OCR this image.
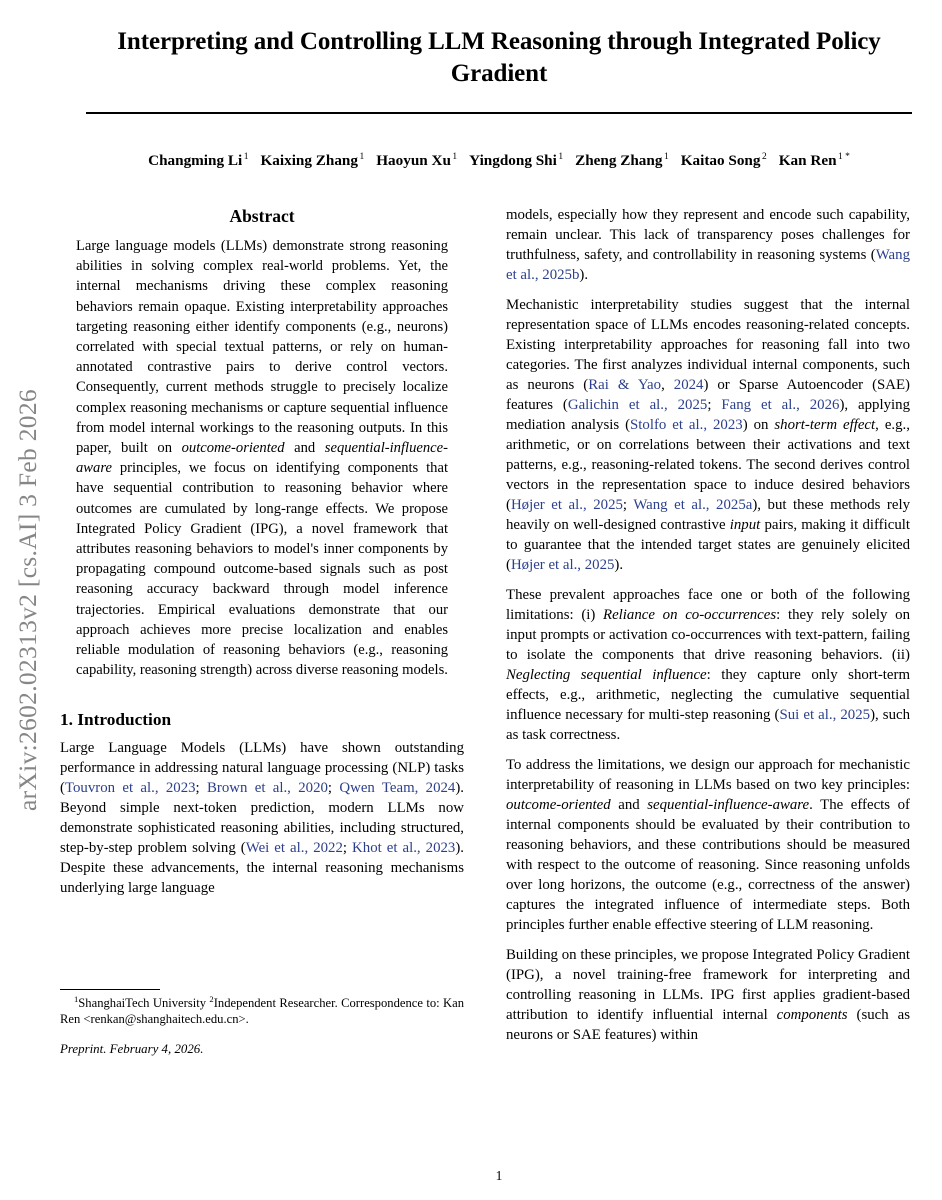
arXiv:2602.02313v2 [cs.AI] 3 Feb 2026
Interpreting and Controlling LLM Reasoning through Integrated Policy Gradient
Changming Li $^1$ Kaixing Zhang $^1$ Haoyun Xu $^1$ Yingdong Shi $^1$ Zheng Zhang $^1$ Kaitao Song $^2$ Kan Ren $^{1 *}$
Abstract
Large language models (LLMs) demonstrate strong reasoning abilities in solving complex real-world problems. Yet, the internal mechanisms driving these complex reasoning behaviors remain opaque. Existing interpretability approaches targeting reasoning either identify components (e.g., neurons) correlated with special textual patterns, or rely on human-annotated contrastive pairs to derive control vectors. Consequently, current methods struggle to precisely localize complex reasoning mechanisms or capture sequential influence from model internal workings to the reasoning outputs. In this paper, built on outcome-oriented and sequential-influence-aware principles, we focus on identifying components that have sequential contribution to reasoning behavior where outcomes are cumulated by long-range effects. We propose Integrated Policy Gradient (IPG), a novel framework that attributes reasoning behaviors to model's inner components by propagating compound outcome-based signals such as post reasoning accuracy backward through model inference trajectories. Empirical evaluations demonstrate that our approach achieves more precise localization and enables reliable modulation of reasoning behaviors (e.g., reasoning capability, reasoning strength) across diverse reasoning models.
1. Introduction

Large Language Models (LLMs) have shown outstanding performance in addressing natural language processing (NLP) tasks (Touvron et al., 2023; Brown et al., 2020; Qwen Team, 2024). Beyond simple next-token prediction, modern LLMs now demonstrate sophisticated reasoning abilities, including structured, step-by-step problem solving (Wei et al., 2022; Khot et al., 2023). Despite these advancements, the internal reasoning mechanisms underlying large language

$^1$ShanghaiTech University $^2$Independent Researcher. Correspondence to: Kan Ren <renkan@shanghaitech.edu.cn>.

Preprint. February 4, 2026.

models, especially how they represent and encode such capability, remain unclear. This lack of transparency poses challenges for truthfulness, safety, and controllability in reasoning systems (Wang et al., 2025b).

Mechanistic interpretability studies suggest that the internal representation space of LLMs encodes reasoning-related concepts. Existing interpretability approaches for reasoning fall into two categories. The first analyzes individual internal components, such as neurons (Rai & Yao, 2024) or Sparse Autoencoder (SAE) features (Galichin et al., 2025; Fang et al., 2026), applying mediation analysis (Stolfo et al., 2023) on short-term effect, e.g., arithmetic, or on correlations between their activations and text patterns, e.g., reasoning-related tokens. The second derives control vectors in the representation space to induce desired behaviors (Højer et al., 2025; Wang et al., 2025a), but these methods rely heavily on well-designed contrastive input pairs, making it difficult to guarantee that the intended target states are genuinely elicited (Højer et al., 2025).

These prevalent approaches face one or both of the following limitations: (i) Reliance on co-occurrences: they rely solely on input prompts or activation co-occurrences with text-pattern, failing to isolate the components that drive reasoning behaviors. (ii) Neglecting sequential influence: they capture only short-term effects, e.g., arithmetic, neglecting the cumulative sequential influence necessary for multi-step reasoning (Sui et al., 2025), such as task correctness.

To address the limitations, we design our approach for mechanistic interpretability of reasoning in LLMs based on two key principles: outcome-oriented and sequential-influence-aware. The effects of internal components should be evaluated by their contribution to reasoning behaviors, and these contributions should be measured with respect to the outcome of reasoning. Since reasoning unfolds over long horizons, the outcome (e.g., correctness of the answer) captures the integrated influence of intermediate steps. Both principles further enable effective steering of LLM reasoning.

Building on these principles, we propose Integrated Policy Gradient (IPG), a novel training-free framework for interpreting and controlling reasoning in LLMs. IPG first applies gradient-based attribution to identify influential internal components (such as neurons or SAE features) within

1
